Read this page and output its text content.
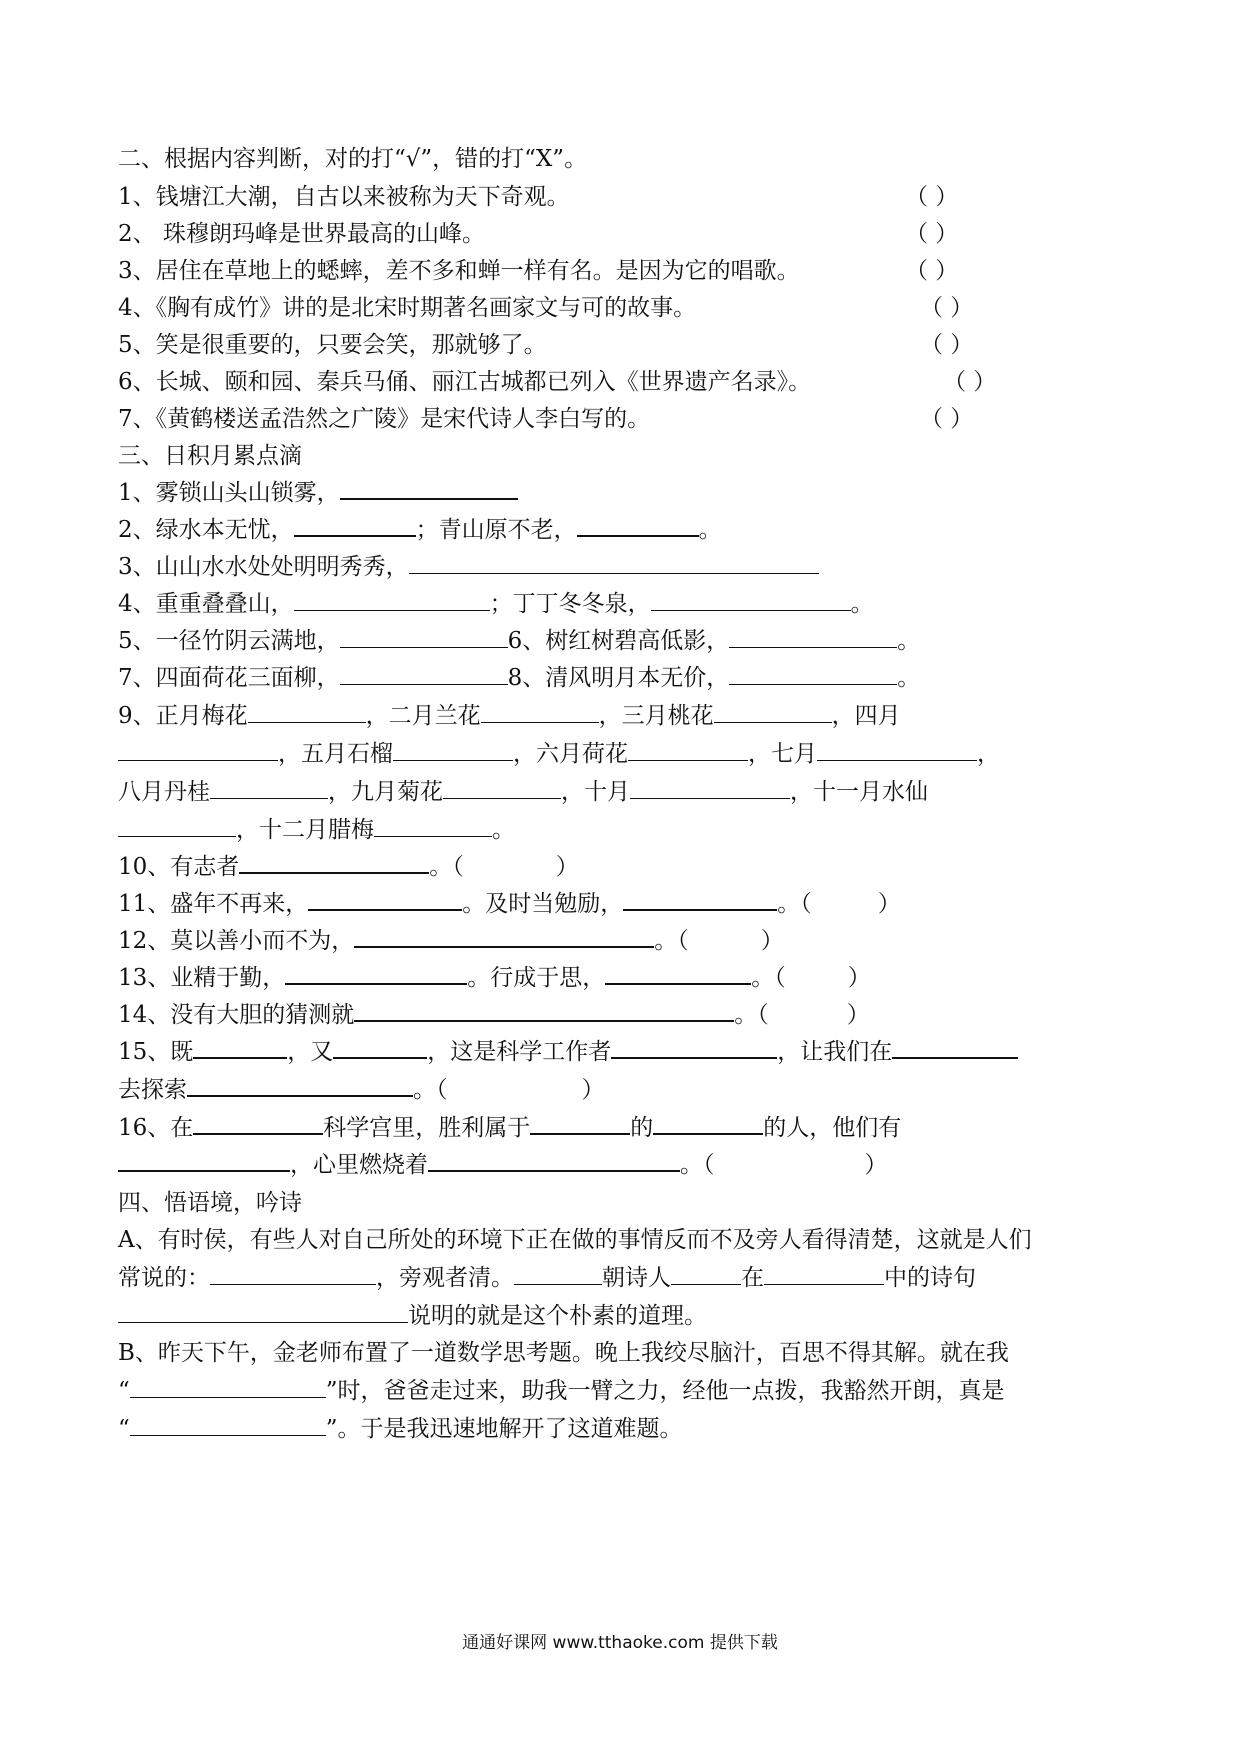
二、根据内容判断，对的打“√”，错的打“X”。
1、钱塘江大潮，自古以来被称为天下奇观。	（ ）
2、 珠穆朗玛峰是世界最高的山峰。	（ ）
3、居住在草地上的蟋蟀，差不多和蝉一样有名。是因为它的唱歌。	（ ）
4、《胸有成竹》讲的是北宋时期著名画家文与可的故事。	（ ）
5、笑是很重要的，只要会笑，那就够了。	（ ）
6、长城、颐和园、秦兵马俑、丽江古城都已列入《世界遗产名录》。	（ ）
7、《黄鹤楼送孟浩然之广陵》是宋代诗人李白写的。	（ ）
三、日积月累点滴
1、雾锁山头山锁雾，
2、绿水本无忧，	；青山原不老，	。
3、山山水水处处明明秀秀，
4、重重叠叠山，	；丁丁冬冬泉，	。
5、一径竹阴云满地，	6、树红树碧高低影，	。
7、四面荷花三面柳，	8、清风明月本无价，	。
9、正月梅花	，二月兰花	，三月桃花	，四月
，五月石榴	，六月荷花	，七月	，
八月丹桂	，九月菊花	，十月	，十一月水仙
，十二月腊梅	。
10、有志者	。（	）
11、盛年不再来，	。及时当勉励，	。（	）
12、莫以善小而不为，	。（	）
13、业精于勤，	。行成于思，	。（	）
14、没有大胆的猜测就	。（	）
15、既	，又	，这是科学工作者	，让我们在
去探索	。（	）
16、在	科学宫里，胜利属于	的	的人，他们有
，心里燃烧着	。（	）
四、悟语境，吟诗
A、有时侯，有些人对自己所处的环境下正在做的事情反而不及旁人看得清楚，这就是人们
常说的：	，旁观者清。	朝诗人	在	中的诗句
说明的就是这个朴素的道理。
B、昨天下午，金老师布置了一道数学思考题。晚上我绞尽脑汁，百思不得其解。就在我
“	”时，爸爸走过来，助我一臂之力，经他一点拨，我豁然开朗，真是
“	”。于是我迅速地解开了这道难题。
通通好课网 www.tthaoke.com 提供下载
